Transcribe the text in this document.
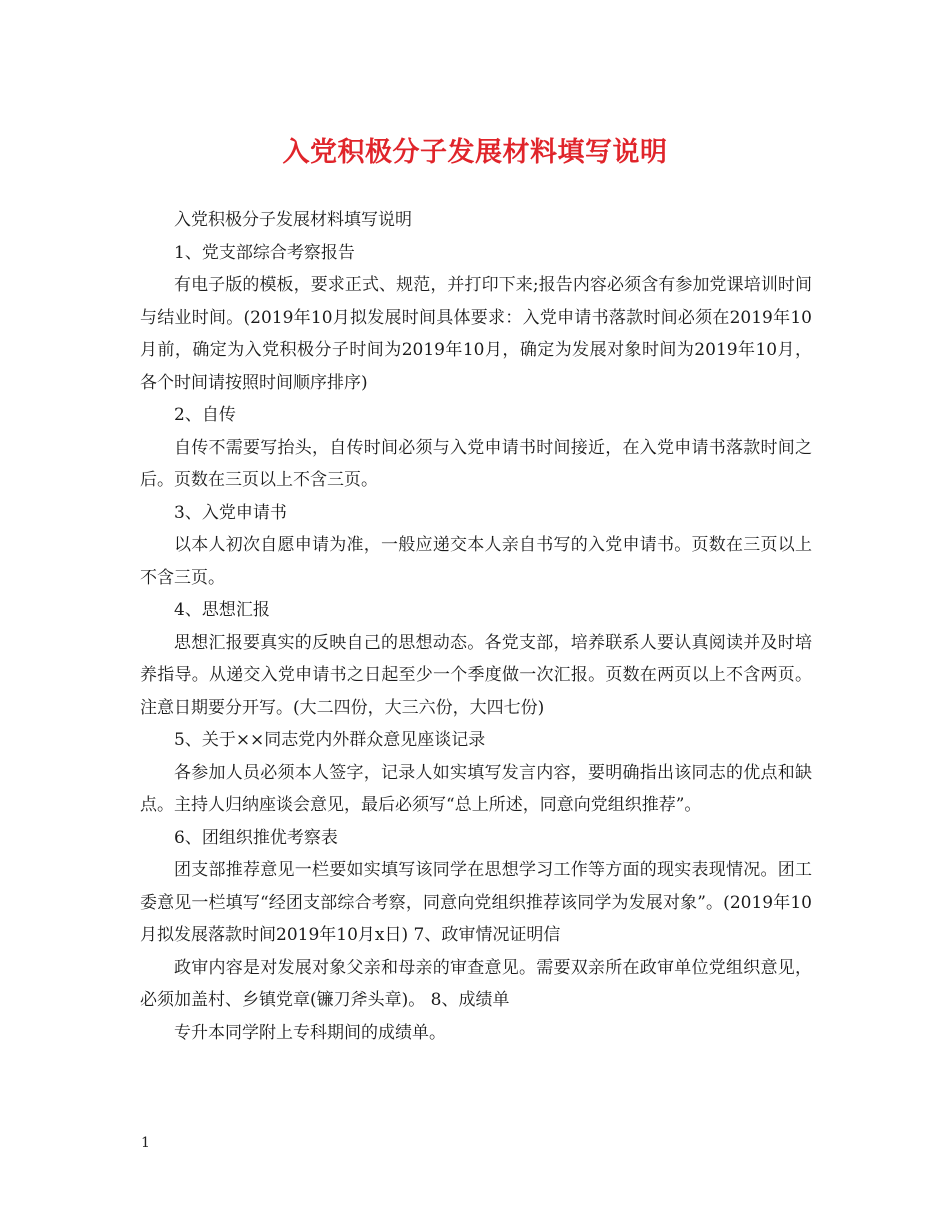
入党积极分子发展材料填写说明

入党积极分子发展材料填写说明

1、党支部综合考察报告

有电子版的模板，要求正式、规范，并打印下来;报告内容必须含有参加党课培训时间与结业时间。(2019年10月拟发展时间具体要求：入党申请书落款时间必须在2019年10月前，确定为入党积极分子时间为2019年10月，确定为发展对象时间为2019年10月，各个时间请按照时间顺序排序)

2、自传

自传不需要写抬头，自传时间必须与入党申请书时间接近，在入党申请书落款时间之后。页数在三页以上不含三页。

3、入党申请书

以本人初次自愿申请为准，一般应递交本人亲自书写的入党申请书。页数在三页以上不含三页。

4、思想汇报

思想汇报要真实的反映自己的思想动态。各党支部，培养联系人要认真阅读并及时培养指导。从递交入党申请书之日起至少一个季度做一次汇报。页数在两页以上不含两页。注意日期要分开写。(大二四份，大三六份，大四七份)

5、关于××同志党内外群众意见座谈记录

各参加人员必须本人签字，记录人如实填写发言内容，要明确指出该同志的优点和缺点。主持人归纳座谈会意见，最后必须写“总上所述，同意向党组织推荐”。

6、团组织推优考察表

团支部推荐意见一栏要如实填写该同学在思想学习工作等方面的现实表现情况。团工委意见一栏填写“经团支部综合考察，同意向党组织推荐该同学为发展对象”。(2019年10月拟发展落款时间2019年10月x日) 7、政审情况证明信

政审内容是对发展对象父亲和母亲的审查意见。需要双亲所在政审单位党组织意见，必须加盖村、乡镇党章(镰刀斧头章)。 8、成绩单

专升本同学附上专科期间的成绩单。

1
